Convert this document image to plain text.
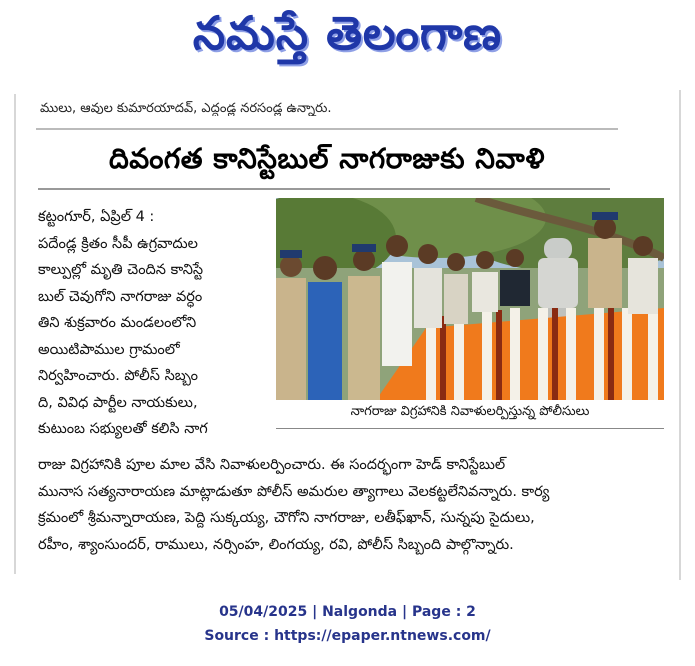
నమస్తే తెలంగాణ
ములు, ఆవుల కుమారయాదవ్, ఎద్దండ్ల నరసండ్ల ఉన్నారు.
దివంగత కానిస్టేబుల్ నాగరాజుకు నివాళి
కట్టంగూర్, ఏప్రిల్ 4 :
పదేండ్ల క్రితం సీపీ ఉగ్రవాదుల
కాల్పుల్లో మృతి చెందిన కానిస్టే
బుల్ చెవుగోని నాగరాజు వర్ధం
తిని శుక్రవారం మండలంలోని
అయిటిపాముల గ్రామంలో
నిర్వహించారు. పోలీస్ సిబ్బం
ది, వివిధ పార్టీల నాయకులు,
కుటుంబ సభ్యులతో కలిసి నాగ
నాగరాజు విగ్రహానికి నివాళులర్పిస్తున్న పోలీసులు
రాజు విగ్రహానికి పూల మాల వేసి నివాళులర్పించారు. ఈ సందర్భంగా హెడ్ కానిస్టేబుల్
మునాస సత్యనారాయణ మాట్లాడుతూ పోలీస్ అమరుల త్యాగాలు వెలకట్టలేనివన్నారు. కార్య
క్రమంలో శ్రీమన్నారాయణ, పెద్ది సుక్కయ్య, చౌగోని నాగరాజు, లతీఫ్‌ఖాన్, సున్నపు సైదులు,
రహీం, శ్యాంసుందర్, రాములు, నర్సింహ, లింగయ్య, రవి, పోలీస్ సిబ్బంది పాల్గొన్నారు.
05/04/2025 | Nalgonda | Page : 2
Source : https://epaper.ntnews.com/
